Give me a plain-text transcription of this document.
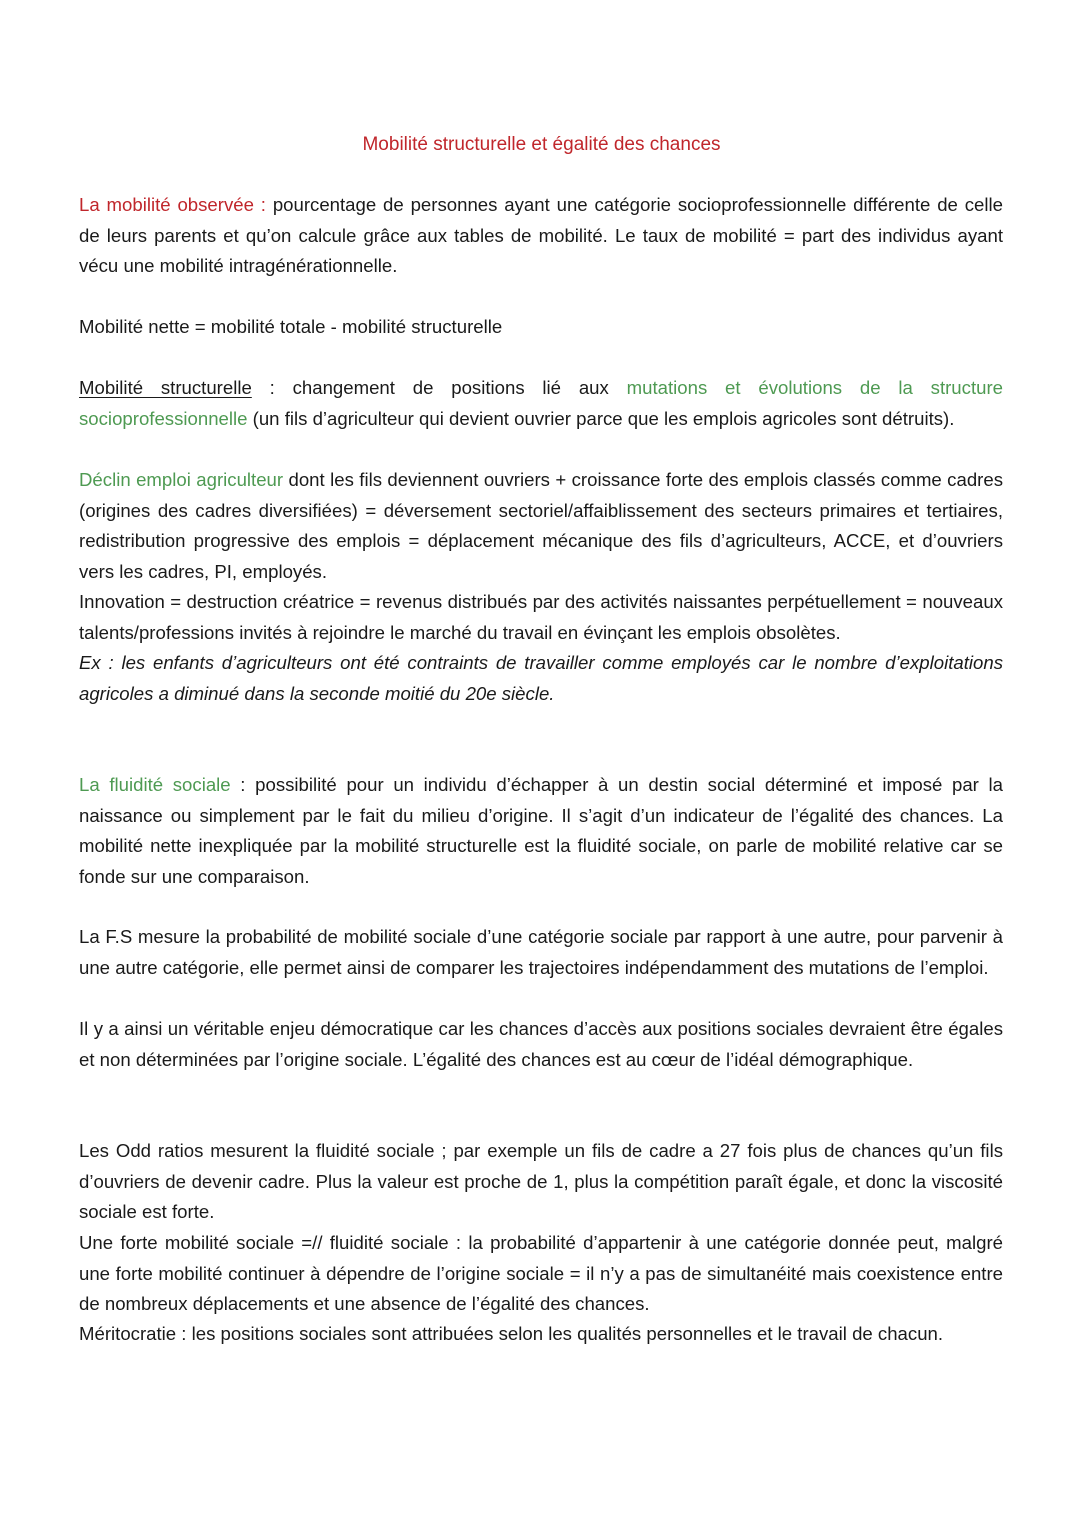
Mobilité structurelle et égalité des chances
La mobilité observée : pourcentage de personnes ayant une catégorie socioprofessionnelle différente de celle de leurs parents et qu’on calcule grâce aux tables de mobilité. Le taux de mobilité = part des individus ayant vécu une mobilité intragénérationnelle.
Mobilité nette = mobilité totale - mobilité structurelle
Mobilité structurelle : changement de positions lié aux mutations et évolutions de la structure socioprofessionnelle (un fils d’agriculteur qui devient ouvrier parce que les emplois agricoles sont détruits).
Déclin emploi agriculteur dont les fils deviennent ouvriers + croissance forte des emplois classés comme cadres (origines des cadres diversifiées) = déversement sectoriel/affaiblissement des secteurs primaires et tertiaires, redistribution progressive des emplois = déplacement mécanique des fils d’agriculteurs, ACCE, et d’ouvriers vers les cadres, PI, employés.
Innovation = destruction créatrice = revenus distribués par des activités naissantes perpétuellement = nouveaux talents/professions invités à rejoindre le marché du travail en évinçant les emplois obsolètes.
Ex : les enfants d’agriculteurs ont été contraints de travailler comme employés car le nombre d’exploitations agricoles a diminué dans la seconde moitié du 20e siècle.
La fluidité sociale : possibilité pour un individu d’échapper à un destin social déterminé et imposé par la naissance ou simplement par le fait du milieu d’origine. Il s’agit d’un indicateur de l’égalité des chances. La mobilité nette inexpliquée par la mobilité structurelle est la fluidité sociale, on parle de mobilité relative car se fonde sur une comparaison.
La F.S mesure la probabilité de mobilité sociale d’une catégorie sociale par rapport à une autre, pour parvenir à une autre catégorie, elle permet ainsi de comparer les trajectoires indépendamment des mutations de l’emploi.
Il y a ainsi un véritable enjeu démocratique car les chances d’accès aux positions sociales devraient être égales et non déterminées par l’origine sociale. L’égalité des chances est au cœur de l’idéal démographique.
Les Odd ratios mesurent la fluidité sociale ; par exemple un fils de cadre a 27 fois plus de chances qu’un fils d’ouvriers de devenir cadre. Plus la valeur est proche de 1, plus la compétition paraît égale, et donc la viscosité sociale est forte.
Une forte mobilité sociale =// fluidité sociale : la probabilité d’appartenir à une catégorie donnée peut, malgré une forte mobilité continuer à dépendre de l’origine sociale = il n’y a pas de simultanéité mais coexistence entre de nombreux déplacements et une absence de l’égalité des chances.
Méritocratie : les positions sociales sont attribuées selon les qualités personnelles et le travail de chacun.
